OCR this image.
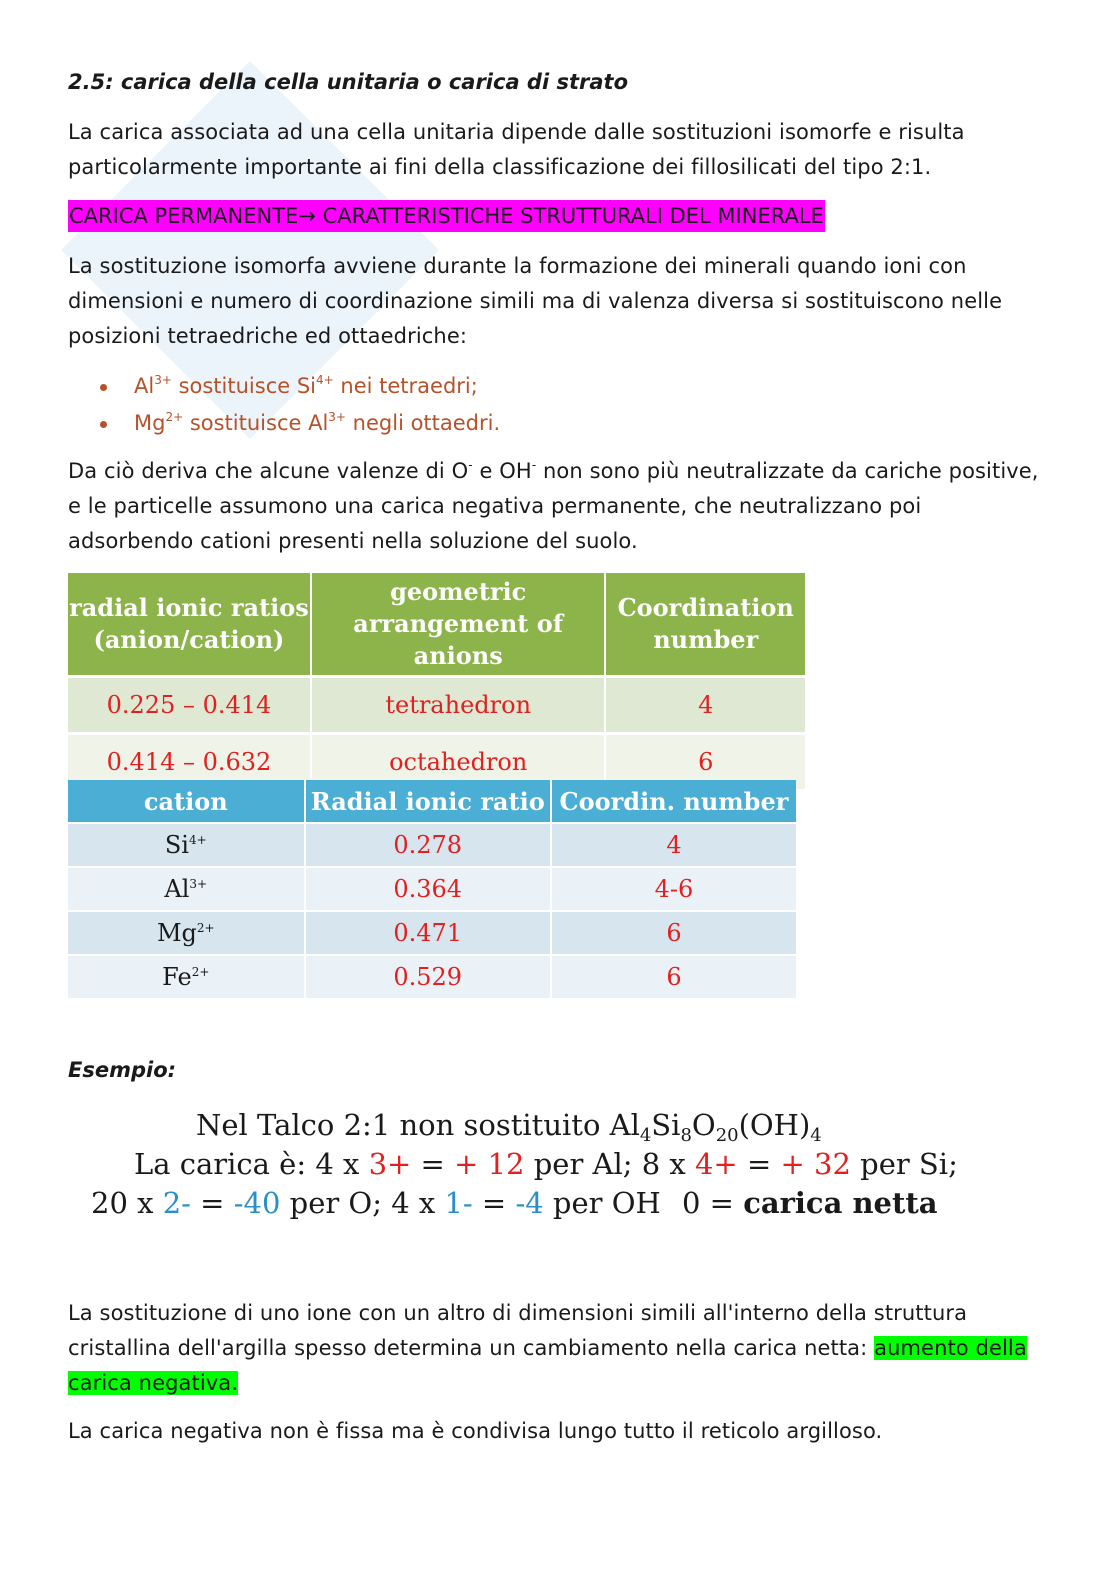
2.5: carica della cella unitaria o carica di strato
La carica associata ad una cella unitaria dipende dalle sostituzioni isomorfe e risulta particolarmente importante ai fini della classificazione dei fillosilicati del tipo 2:1.
CARICA PERMANENTE→ CARATTERISTICHE STRUTTURALI DEL MINERALE
La sostituzione isomorfa avviene durante la formazione dei minerali quando ioni con dimensioni e numero di coordinazione simili ma di valenza diversa si sostituiscono nelle posizioni tetraedriche ed ottaedriche:
$Al^{3+}$ sostituisce $Si^{4+}$ nei tetraedri;
$Mg^{2+}$ sostituisce $Al^{3+}$ negli ottaedri.
Da ciò deriva che alcune valenze di O- e OH- non sono più neutralizzate da cariche positive, e le particelle assumono una carica negativa permanente, che neutralizzano poi adsorbendo cationi presenti nella soluzione del suolo.
radial ionic ratios (anion/cation)	geometric arrangement of anions	Coordination number
0.225 – 0.414	tetrahedron	4
0.414 – 0.632	octahedron	6
cation	Radial ionic ratio	Coordin. number
$Si^{4+}$	0.278	4
$Al^{3+}$	0.364	4-6
$Mg^{2+}$	0.471	6
$Fe^{2+}$	0.529	6
Esempio:
Nel Talco 2:1 non sostituito $Al_4Si_8O_{20}(OH)_4$
La carica è: 4 x 3+ = + 12 per Al; 8 x 4+ = + 32 per Si;
20 x 2- = -40 per O; 4 x 1- = -4 per OH 0 = carica netta
La sostituzione di uno ione con un altro di dimensioni simili all'interno della struttura cristallina dell'argilla spesso determina un cambiamento nella carica netta: aumento della carica negativa.
La carica negativa non è fissa ma è condivisa lungo tutto il reticolo argilloso.
